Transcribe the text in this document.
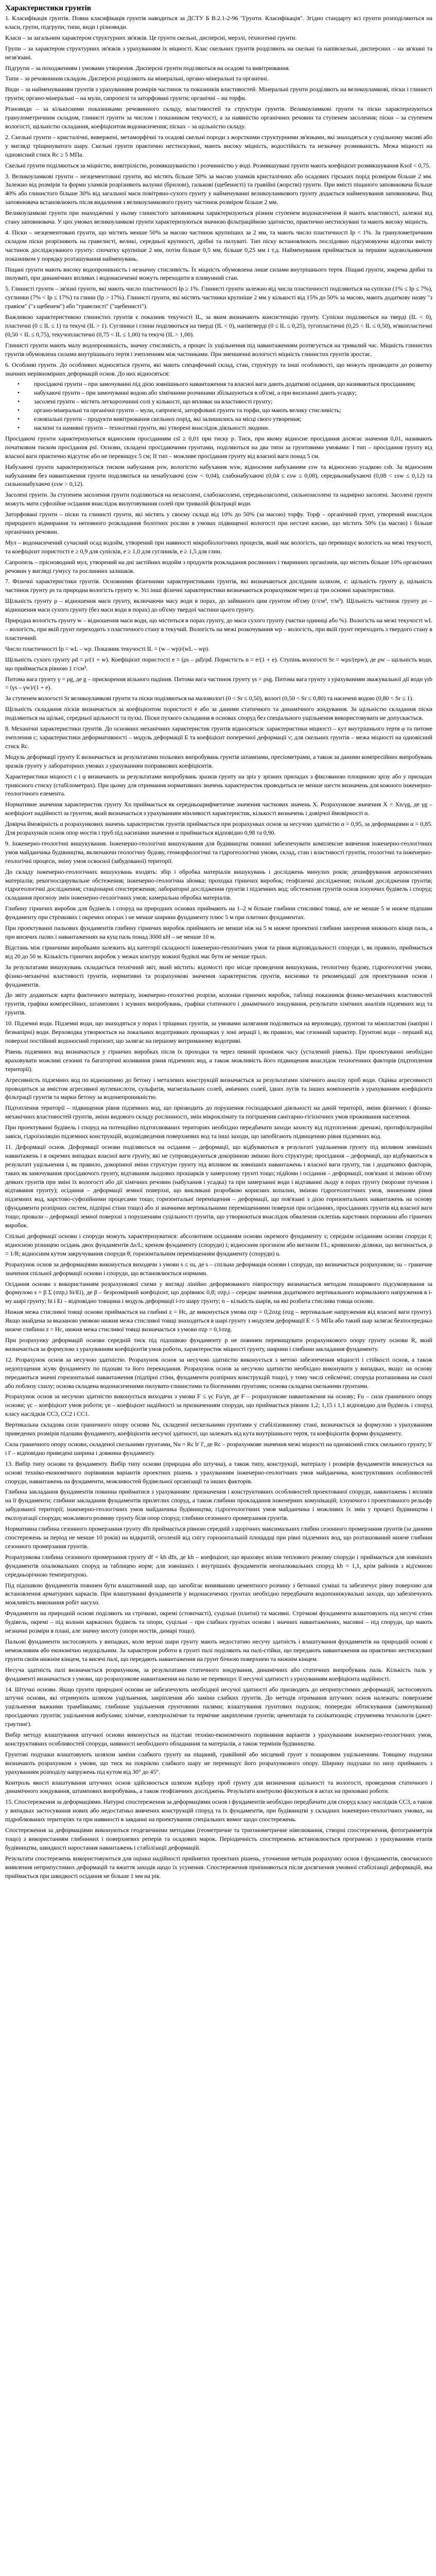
Характеристики грунтів

1. Класифікація грунтів. Повна класифікація грунтів наводиться за ДСТУ Б В.2.1-2-96 "Грунти. Класифікація". Згідно стандарту всі грунти розподіляються на класи, групи, підгрупи, типи, види і різновиди.

Класи – за загальним характером структурних зв'язків. Це грунти скельні, дисперсні, мерзлі, техногенні грунти.

Групи – за характером структурних зв'язків з урахуванням їх міцності. Клас скельних грунтів розділяють на скельні та напівскельні, дисперсних – на зв'язані та незв'язані.

Підгрупи – за походженням і умовами утворення. Дисперсні грунти поділяються на осадові та вивітрювання.

Типи – за речовинним складом. Дисперсні розділяють на мінеральні, органо-мінеральні та органічні.

Види – за найменуванням грунтів з урахуванням розмірів частинок та показників властивостей. Мінеральні грунти розділяють на великоуламкові, піски і глинисті грунти; органо-мінеральні – на мули, сапропелі та заторфовані грунти; органічні – на торфи.

Різновиди – за кількісними показниками речовинного складу, властивостей та структури грунтів. Великоуламкові грунти та піски характеризуються гранулометричним складом, глинисті грунти за числом і показником текучості, а за наявністю органічних речовин та ступенем засолення; піски – за ступенем вологості, щільністю складання, коефіцієнтом водонасичення; пісках – за щільністю складу.

2. Скельні грунти – кристалічні, вивержені, метаморфічні та осадові скельні породи з жорсткими структурними зв'язками, які знаходяться у суцільному масиві або у вигляді тріщинуватого шару. Скельні грунти практично нестискувані, мають високу міцність, водостійкість та незначну розмиваність. Межа міцності на одновісний стиск Rc ≥ 5 МПа.

Скельні грунти поділяються за міцністю, вивітрілістю, розмякшуваністю і розчинністю у воді. Розмякшувані грунти мають коефіцієнт розмякшування Ksof < 0,75.

3. Великоуламкові грунти – незцементовані грунти, які містять більше 50% за масою уламків кристалічних або осадових гірських порід розміром більше 2 мм. Залежно від розмірів та форми уламків розрізняють валунні (брилові), галькові (щебенисті) та гравійні (жорстві) грунти. При вмісті піщаного заповнювача більше 40% або глинистого більше 30% від загальної маси повітряно-сухого грунту у найменуванні великоуламкового грунту додається найменування заповнювача. Вид заповнювача встановлюють після видалення з великоуламкового грунту частинок розміром більше 2 мм.

Великоуламкові грунти при знаходженні у ньому глинистого заповнювача характеризуються різним ступенем водонасичення й мають властивості, залежні від стану заповнювача. У цих умовах великоуламкові грунти характеризуються значною фільтраційною здатністю, практично нестискувані та мають високу міцність.

4. Піски – незцементовані грунти, що містять менше 50% за масою частинок крупніших за 2 мм, та мають число пластичності Ip < 1%. За гранулометричним складом піски розрізняють на гравелисті, великі, середньої крупності, дрібні та пилуваті. Тип піску встановлюють послідовно підсумовуючи відсотки вмісту частинок досліджуваного грунту: спочатку крупніше 2 мм, потім більше 0,5 мм, більше 0,25 мм і т.д. Найменування приймається за першим задовольняючим показником у порядку розташування найменувань.

Піщані грунти мають високу водопроникність і незначну стисливість. Їх міцність обумовлена лише силами внутрішнього тертя. Піщані грунти, зокрема дрібні та пилуваті, при динамічних впливах і водонасиченні можуть переходити в пливунний стан.

5. Глинисті грунти – зв'язні грунти, які мають число пластичності Ip ≥ 1%. Глинисті грунти залежно від числа пластичності поділяються на супіски (1% ≤ Ip ≤ 7%), суглинки (7% < Ip ≤ 17%) та глини (Ip > 17%). Глинисті грунти, які містять частинки крупніше 2 мм у кількості від 15% до 50% за масою, мають додаткову назву "з гравієм" ("з щебенем") або "гравелисті" ("щебенисті").

Важливою характеристикою глинистих грунтів є показник текучості IL, за яким визначають консистенцію грунту. Супіски поділяються на тверді (IL < 0), пластичні (0 ≤ IL ≤ 1) та текучі (IL > 1). Суглинки і глини поділяються на тверді (IL < 0), напівтверді (0 ≤ IL ≤ 0,25), тугопластичні (0,25 < IL ≤ 0,50), м'якопластичні (0,50 < IL ≤ 0,75), текучопластичні (0,75 < IL ≤ 1,00) та текучі (IL > 1,00).

Глинисті грунти мають малу водопроникність, значну стисливість, а процес їх ущільнення під навантаженням розтягується на тривалий час. Міцність глинистих грунтів обумовлена силами внутрішнього тертя і зчепленням між частинками. При зменшенні вологості міцність глинистих грунтів зростає.

6. Особливі грунти. До особливих відносяться грунти, які мають специфічний склад, стан, структуру та інші особливості, що можуть призводити до розвитку значних нерівномірних деформацій основ. До них відносяться:

• просідаючі грунти – при замочуванні під дією зовнішнього навантаження та власної ваги дають додаткові осідання, що називаються просіданням;
• набухаючі грунти – при замочуванні водою або хімічними розчинами збільшуються в об'ємі, а при висиханні дають усадку;
• засолені грунти – містять легкорозчинні солі у кількості, що впливає на властивості грунту;
• органо-мінеральні та органічні грунти – мули, сапропелі, заторфовані грунти та торфи, що мають велику стисливість;
• елювіальні грунти – продукти вивітрювання скельних порід, які залишились на місці свого утворення;
• насипні та намивні грунти – техногенні грунти, які утворені внаслідок діяльності людини.

Просідаючі грунти характеризуються відносним просіданням εsl ≥ 0,01 при тиску р. Тиск, при якому відносне просідання досягає значення 0,01, називають початковим тиском просідання psl. Основи, складені просідаючими грунтами, поділяються на два типи за грунтовими умовами: I тип – просідання грунту від власної ваги практично відсутнє або не перевищує 5 см; II тип – можливе просідання грунту від власної ваги понад 5 см.

Набухаючі грунти характеризуються тиском набухання psw, вологістю набухання wsw, відносним набуханням εsw та відносною усадкою εsh. За відносним набуханням без навантаження грунти поділяються на ненабухаючі (εsw < 0,04), слабонабухаючі (0,04 ≤ εsw ≤ 0,08), середньонабухаючі (0,08 < εsw ≤ 0,12) та сильнонабухаючі (εsw > 0,12).

Засолені грунти. За ступенем засолення грунти поділяються на незасолені, слабозасолені, середньозасолені, сильнозасолені та надмірно засолені. Засолені грунти можуть мати суфозійне осідання внаслідок вилуговування солей при тривалій фільтрації води.

Заторфовані грунти – піски та глинисті грунти, які містять у своєму складі від 10% до 50% (за масою) торфу. Торф – органічний грунт, утворений внаслідок природного відмирання та неповного розкладання болотних рослин в умовах підвищеної вологості при нестачі кисню, що містить 50% (за масою) і більше органічних речовин.

Мул – водонасичений сучасний осад водойм, утворений при наявності мікробіологічних процесів, який має вологість, що перевищує вологість на межі текучості, та коефіцієнт пористості e ≥ 0,9 для супісків, e ≥ 1,0 для суглинків, e ≥ 1,5 для глин.

Сапропель – прісноводний мул, утворений на дні застійних водойм з продуктів розкладання рослинних і тваринних організмів, що містить більше 10% органічних речовин у вигляді гумусу та рослинних залишків.

7. Фізичні характеристики грунтів. Основними фізичними характеристиками грунтів, які визначаються дослідним шляхом, є: щільність грунту ρ, щільність частинок грунту ρs та природна вологість грунту w. Усі інші фізичні характеристики визначаються розрахунком через ці три основні характеристики.

Щільність грунту ρ – відношення маси грунту, включаючи масу води в порах, до займаного цим грунтом об'єму (г/см³, т/м³). Щільність частинок грунту ρs – відношення маси сухого грунту (без маси води в порах) до об'єму твердої частини цього грунту.

Природна вологість грунту w – відношення маси води, що міститься в порах грунту, до маси сухого грунту (частки одиниці або %). Вологість на межі текучості wL – вологість, при якій грунт переходить з пластичного стану в текучий. Вологість на межі розкочування wp – вологість, при якій грунт переходить з твердого стану в пластичний.

Число пластичності Ip = wL – wp. Показник текучості IL = (w – wp)/(wL – wp).

Щільність сухого грунту ρd = ρ/(1 + w). Коефіцієнт пористості e = (ρs – ρd)/ρd. Пористість n = e/(1 + e). Ступінь вологості Sr = wρs/(eρw), де ρw – щільність води, що приймається рівною 1 г/см³.

Питома вага грунту γ = ρg, де g – прискорення вільного падіння. Питома вага частинок грунту γs = ρsg. Питома вага грунту з урахуванням зважувальної дії води γsb = (γs – γw)/(1 + e).

За ступенем вологості Sr великоуламкові грунти та піски поділяються на маловологі (0 < Sr ≤ 0,50), вологі (0,50 < Sr ≤ 0,80) та насичені водою (0,80 < Sr ≤ 1).

Щільність складання пісків визначається за коефіцієнтом пористості e або за даними статичного та динамічного зондування. За щільністю складання піски поділяються на щільні, середньої щільності та пухкі. Піски пухкого складання в основах споруд без спеціального ущільнення використовувати не допускається.

8. Механічні характеристики грунтів. До основних механічних характеристик грунтів відносяться: характеристики міцності – кут внутрішнього тертя φ та питоме зчеплення c; характеристики деформативності – модуль деформації E та коефіцієнт поперечної деформації ν; для скельних грунтів – межа міцності на одновісний стиск Rc.

Модуль деформації грунту E визначається за результатами польових випробувань грунтів штампами, пресіометрами, а також за даними компресійних випробувань зразків грунту у лабораторних умовах з урахуванням поправкових коефіцієнтів.

Характеристики міцності c і φ визначають за результатами випробувань зразків грунту на зріз у зрізних приладах з фіксованою площиною зрізу або у приладах тривісного стиску (стабілометрах). При цьому для отримання нормативних значень характеристик проводиться не менше шести визначень для кожного інженерно-геологічного елемента.

Нормативне значення характеристик грунту Xn приймається як середньоарифметичне значення часткових значень X. Розрахункове значення X = Xn/γg, де γg – коефіцієнт надійності за грунтом, який визначається з урахуванням мінливості характеристик, кількості визначень і довірчої ймовірності α.

Довірча ймовірність α розрахункових значень характеристик грунтів приймається при розрахунках основ за несучою здатністю α = 0,95, за деформаціями α = 0,85. Для розрахунків основ опор мостів і труб під насипами значення α приймається відповідно 0,98 та 0,90.

9. Інженерно-геологічні вишукування. Інженерно-геологічні вишукування для будівництва повинні забезпечувати комплексне вивчення інженерно-геологічних умов майданчика будівництва, включаючи геологічну будову, геоморфологічні та гідрогеологічні умови, склад, стан і властивості грунтів, геологічні та інженерно-геологічні процеси, зміну умов освоєної (забудованої) території.

До складу інженерно-геологічних вишукувань входять: збір і обробка матеріалів вишукувань і досліджень минулих років; дешифрування аерокосмічних матеріалів; рекогносцирувальне обстеження; інженерно-геологічна зйомка; проходка гірничих виробок; геофізичні дослідження; польові дослідження грунтів; гідрогеологічні дослідження; стаціонарні спостереження; лабораторні дослідження грунтів і підземних вод; обстеження грунтів основ існуючих будівель і споруд; складання прогнозу змін інженерно-геологічних умов; камеральна обробка матеріалів.

Глибину гірничих виробок для будівель і споруд на природних основах приймають на 1–2 м більше глибини стисливої товщі, але не менше 5 м нижче підошви фундаменту при стрічкових і окремих опорах і не менше ширини фундаменту плюс 5 м при плитних фундаментах.

При проектуванні пальових фундаментів глибину гірничих виробок приймають не менше ніж на 5 м нижче проектної глибини занурення нижнього кінця паль, а при висячих палях і навантаженнях на кущ паль понад 3000 кН – не менше 10 м.

Відстань між гірничими виробками залежить від категорії складності інженерно-геологічних умов та рівня відповідальності споруди і, як правило, приймається від 20 до 50 м. Кількість гірничих виробок у межах контуру кожної будівлі має бути не менше трьох.

За результатами вишукувань складається технічний звіт, який містить: відомості про місце проведення вишукувань, геологічну будову, гідрогеологічні умови, фізико-механічні властивості грунтів, нормативні та розрахункові значення характеристик грунтів, висновки та рекомендації для проектування основ і фундаментів.

До звіту додаються: карта фактичного матеріалу, інженерно-геологічні розрізи, колонки гірничих виробок, таблиці показників фізико-механічних властивостей грунтів, графіки компресійних, штампових і зсувних випробувань, графіки статичного і динамічного зондування, результати хімічних аналізів підземних вод та грунтів.

10. Підземні води. Підземні води, що знаходяться у порах і тріщинах грунтів, за умовами залягання поділяються на верховодку, грунтові та міжпластові (напірні і безнапірні) води. Верховодка утворюється на локальних водотривких прошарках у зоні аерації і, як правило, має сезонний характер. Грунтові води – перший від поверхні постійний водоносний горизонт, що залягає на першому витриманому водотриві.

Рівень підземних вод визначається у гірничих виробках після їх проходки та через певний проміжок часу (усталений рівень). При проектуванні необхідно враховувати можливі сезонні та багаторічні коливання рівня підземних вод, а також можливість його підвищення внаслідок техногенних факторів (підтоплення території).

Агресивність підземних вод по відношенню до бетону і металевих конструкцій визначається за результатами хімічного аналізу проб води. Оцінка агресивності проводиться за вмістом агресивної вуглекислоти, сульфатів, магнезіальних солей, аміачних солей, їдких лугів та інших компонентів з урахуванням коефіцієнта фільтрації грунтів та марки бетону за водонепроникністю.

Підтоплення території – підвищення рівня підземних вод, що призводить до порушення господарської діяльності на даній території, зміни фізичних і фізико-механічних властивостей грунтів, зміни видового складу рослинності, змін мікроклімату та погіршення санітарно-гігієнічних умов проживання населення.

При проектуванні будівель і споруд на потенційно підтоплюваних територіях необхідно передбачати заходи захисту від підтоплення: дренажі, протифільтраційні завіси, гідроізоляцію підземних конструкцій, водовідведення поверхневих вод та інші заходи, що запобігають підвищенню рівня підземних вод.

11. Деформації основ. Деформації основи поділяються на осідання – деформації, що відбуваються в результаті ущільнення грунту під впливом зовнішніх навантажень і в окремих випадках власної ваги грунту, які не супроводжуються докорінною зміною його структури; просідання – деформації, що відбуваються в результаті ущільнення і, як правило, докорінної зміни структури грунту під впливом як зовнішніх навантажень і власної ваги грунту, так і додаткових факторів, таких як замочування просідаючого грунту, відтавання льодових прошарків у замерзлому грунті тощо; підйоми і осідання – деформації, пов'язані зі зміною об'єму деяких грунтів при зміні їх вологості або дії хімічних речовин (набухання і усадка) та при замерзанні води і відтаванні льоду в порах грунту (морозне пучення і відтавання грунту); осідання – деформації земної поверхні, що викликані розробкою корисних копалин, зміною гідрогеологічних умов, зниженням рівня підземних вод, карстово-суфозійними процесами тощо; горизонтальні переміщення – деформації, що пов'язані з дією горизонтальних навантажень на основу (фундаменти розпірних систем, підпірні стіни тощо) або зі значними вертикальними переміщеннями поверхні при осіданнях, просіданнях грунтів від власної ваги тощо; провали – деформації земної поверхні з порушенням суцільності грунтів, що утворюються внаслідок обвалення склепінь карстових порожнин або гірничих виробок.

Спільні деформації основи і споруди можуть характеризуватися: абсолютним осіданням основи окремого фундаменту s; середнім осіданням основи споруди s̄; відносною різницею осідань двох фундаментів Δs/L; креном фундаменту (споруди) i; відносним прогином або вигином f/L; кривизною ділянки, що вигинається, ρ = 1/R; відносним кутом закручування споруди θ; горизонтальним переміщенням фундаменту (споруди) u.

Розрахунок основ за деформаціями виконується виходячи з умови s ≤ su, де s – спільна деформація основи і споруди, що визначається розрахунком; su – граничне значення спільної деформації основи і споруди, що встановлюється нормами.

Осідання основи з використанням розрахункової схеми у вигляді лінійно деформованого півпростору визначається методом пошарового підсумовування за формулою s = β Σ (σzp,i hi/Ei), де β – безрозмірний коефіцієнт, що дорівнює 0,8; σzp,i – середнє значення додаткового вертикального нормального напруження в i-му шарі грунту; hi і Ei – відповідно товщина і модуль деформації i-го шару грунту; n – кількість шарів, на які розбита стислива товща основи.

Нижня межа стисливої товщі основи приймається на глибині z = Hc, де виконується умова σzp = 0,2σzg (σzg – вертикальне напруження від власної ваги грунту). Якщо знайдена за вказаною умовою нижня межа стисливої товщі знаходиться в шарі грунту з модулем деформації E < 5 МПа або такий шар залягає безпосередньо нижче глибини z = Hc, нижня межа стисливої товщі визначається з умови σzp = 0,1σzg.

При розрахунку деформацій основи середній тиск під підошвою фундаменту p не повинен перевищувати розрахункового опору грунту основи R, який визначається за формулою з урахуванням коефіцієнтів умов роботи, характеристик міцності грунту, ширини і глибини закладання фундаменту.

12. Розрахунок основ за несучою здатністю. Розрахунок основ за несучою здатністю виконується з метою забезпечення міцності і стійкості основ, а також недопущення зсуву фундаменту по підошві та його перекидання. Розрахунок основ за несучою здатністю необхідно виконувати у випадках, якщо: на основу передаються значні горизонтальні навантаження (підпірні стіни, фундаменти розпірних конструкцій тощо), у тому числі сейсмічні; споруда розташована на схилі або поблизу схилу; основа складена водонасиченими пилувато-глинистими та біогенними грунтами; основа складена скельними грунтами.

Розрахунок основ за несучою здатністю виконується виходячи з умови F ≤ γc Fu/γn, де F – розрахункове навантаження на основу; Fu – сила граничного опору основи; γc – коефіцієнт умов роботи; γn – коефіцієнт надійності за призначенням споруди, що приймається рівним 1,2; 1,15 і 1,1 відповідно для будівель і споруд класу наслідків СС3, СС2 і СС1.

Вертикальна складова сили граничного опору основи Nu, складеної нескельними грунтами у стабілізованому стані, визначається за формулою з урахуванням приведених розмірів підошви фундаменту, коефіцієнтів несучої здатності, що залежать від кута внутрішнього тертя, та коефіцієнтів форми фундаменту.

Сила граничного опору основи, складеної скельними грунтами, Nu = Rc b' l', де Rc – розрахункове значення межі міцності на одновісний стиск скельного грунту; b' і l' – відповідно приведені ширина і довжина фундаменту.

13. Вибір типу основи та фундаменту. Вибір типу основи (природна або штучна), а також типу, конструкції, матеріалу і розмірів фундаментів виконується на основі техніко-економічного порівняння варіантів проектних рішень з урахуванням інженерно-геологічних умов майданчика, конструктивних особливостей споруди, навантажень на фундаменти, можливостей будівельної організації та інших факторів.

Глибина закладання фундаментів повинна прийматися з урахуванням: призначення і конструктивних особливостей проектованої споруди, навантажень і впливів на її фундаменти; глибини закладання фундаментів прилеглих споруд, а також глибини прокладання інженерних комунікацій; існуючого і проектованого рельєфу забудованої території; інженерно-геологічних умов майданчика будівництва; гідрогеологічних умов майданчика і можливих їх змін у процесі будівництва і експлуатації споруди; можливого розмиву грунту біля опор споруд; глибини сезонного промерзання грунтів.

Нормативна глибина сезонного промерзання грунту dfn приймається рівною середній з щорічних максимальних глибин сезонного промерзання грунтів (за даними спостережень за період не менше 10 років) на відкритій, оголеній від снігу горизонтальній площадці при рівні підземних вод, що розташований нижче глибини сезонного промерзання грунтів.

Розрахункова глибина сезонного промерзання грунту df = kh dfn, де kh – коефіцієнт, що враховує вплив теплового режиму споруди і приймається для зовнішніх фундаментів опалювальних споруд за таблицею норм; для зовнішніх і внутрішніх фундаментів неопалювальних споруд kh = 1,1, крім районів з від'ємною середньорічною температурою.

Під підошвою фундаментів повинен бути влаштований шар, що запобігає вимиванню цементного розчину з бетонної суміші та забезпечує рівну поверхню для встановлення арматурних каркасів. При влаштуванні фундаментів у водонасичених грунтах необхідно передбачати водопонижувальні заходи, що забезпечують можливість виконання робіт насухо.

Фундаменти на природній основі поділяють на стрічкові, окремі (стовпчасті), суцільні (плитні) та масивні. Стрічкові фундаменти влаштовують під несучі стіни будівель, окремі – під колони каркасних будівель та опори, суцільні – при слабких грунтах основи і значних навантаженнях, масивні – під споруди, що мають незначні розміри в плані, але значну висоту (опори мостів, димарі тощо).

Пальові фундаменти застосовують у випадках, коли верхні шари грунту мають недостатню несучу здатність і влаштування фундаментів на природній основі є неможливим або економічно недоцільним. За характером роботи в грунті палі поділяють на палі-стійки, що передають навантаження на практично нестискувані грунти своїм нижнім кінцем, та висячі палі, що передають навантаження на грунт бічною поверхнею та нижнім кінцем.

Несуча здатність палі визначається розрахунком, за результатами статичного зондування, динамічних або статичних випробувань паль. Кількість паль у фундаменті визначається з умови, що розрахункове навантаження на палю не перевищує її несучої здатності з урахуванням коефіцієнта надійності.

14. Штучні основи. Якщо грунти природної основи не забезпечують необхідної несучої здатності або призводять до неприпустимих деформацій, застосовують штучні основи, які отримують шляхом ущільнення, закріплення або заміни слабких грунтів. До методів отримання штучних основ належать: поверхневе ущільнення важкими трамбівками; глибинне ущільнення грунтовими палями; влаштування грунтових подушок; попереднє обтискування (замочування) просідаючих грунтів; ущільнення вибухами; хімічне, електрохімічне та термічне закріплення грунтів; цементація та силікатизація; струменева технологія (джет-граутинг).

Вибір методу влаштування штучної основи виконується на підставі техніко-економічного порівняння варіантів з урахуванням інженерно-геологічних умов, конструктивних особливостей споруди, наявності необхідного обладнання та матеріалів, а також термінів будівництва.

Грунтові подушки влаштовують шляхом заміни слабкого грунту на піщаний, гравійний або місцевий грунт з пошаровим ущільненням. Товщину подушки визначають розрахунком з умови, що тиск на покрівлю слабкого шару не перевищує його розрахункового опору. Ширину подушки по низу приймають з урахуванням розподілу напружень під кутом від 30° до 45°.

Контроль якості влаштування штучних основ здійснюється шляхом відбору проб грунту для визначення щільності та вологості, проведення статичного і динамічного зондування, штампових випробувань, а також геофізичних досліджень. Результати контролю фіксуються в актах на приховані роботи.

15. Спостереження за деформаціями. Натурні спостереження за деформаціями основ і фундаментів необхідно передбачати для споруд класу наслідків СС3, а також у випадках застосування нових або недостатньо вивчених конструкцій споруд та їх фундаментів, при будівництві у складних інженерно-геологічних умовах, на підроблюваних територіях та при наявності в завданні на проектування спеціальних вимог щодо спостережень.

Спостереження за деформаціями виконуються геодезичними методами (геометричне та тригонометричне нівелювання, створні спостереження, фотограмметрія тощо) з використанням глибинних і поверхневих реперів та осадових марок. Періодичність спостережень встановлюється програмою з урахуванням етапів будівництва, швидкості наростання навантажень і стабілізації деформацій.

Результати спостережень використовуються для оцінки надійності прийнятих проектних рішень, уточнення методів розрахунку основ і фундаментів, своєчасного виявлення неприпустимих деформацій та вжиття заходів щодо їх усунення. Спостереження припиняються після досягнення умовної стабілізації деформацій, яка приймається при швидкості осідання не більше 1 мм на рік.
